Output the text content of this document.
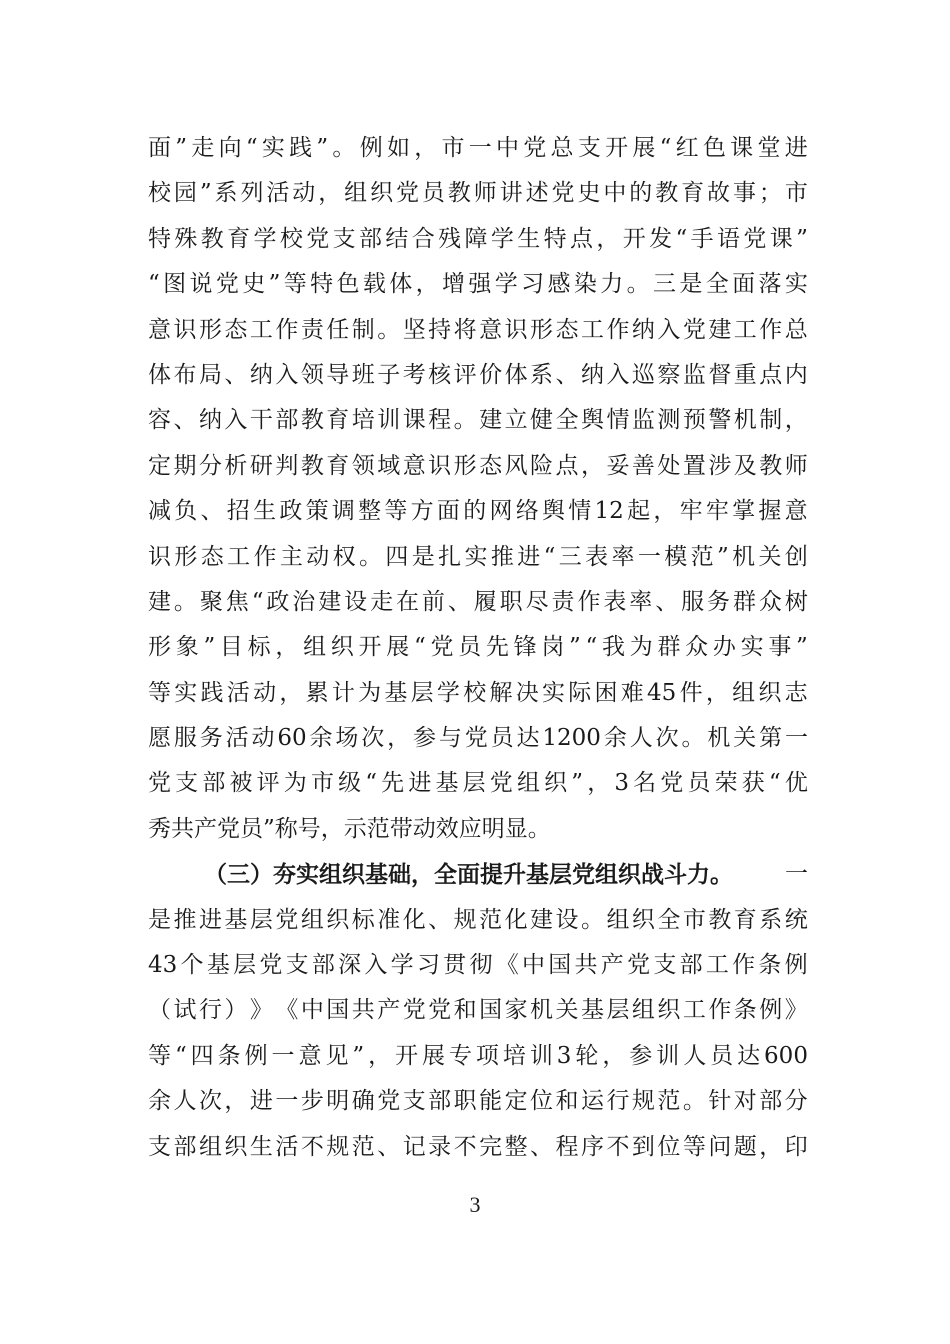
面 ” 走 向 “ 实 践 ” 。 例 如 ， 市 一 中 党 总 支 开 展 “ 红 色 课 堂 进
校 园 ” 系 列 活 动 ， 组 织 党 员 教 师 讲 述 党 史 中 的 教 育 故 事 ； 市
特 殊 教 育 学 校 党 支 部 结 合 残 障 学 生 特 点 ， 开 发 “ 手 语 党 课 ”
“ 图 说 党 史 ” 等 特 色 载 体 ， 增 强 学 习 感 染 力 。 三 是 全 面 落 实
意 识 形 态 工 作 责 任 制 。 坚 持 将 意 识 形 态 工 作 纳 入 党 建 工 作 总
体 布 局 、 纳 入 领 导 班 子 考 核 评 价 体 系 、 纳 入 巡 察 监 督 重 点 内
容 、 纳 入 干 部 教 育 培 训 课 程 。 建 立 健 全 舆 情 监 测 预 警 机 制 ，
定 期 分 析 研 判 教 育 领 域 意 识 形 态 风 险 点 ， 妥 善 处 置 涉 及 教 师
减 负 、 招 生 政 策 调 整 等 方 面 的 网 络 舆 情 12 起 ， 牢 牢 掌 握 意
识 形 态 工 作 主 动 权 。 四 是 扎 实 推 进 “ 三 表 率 一 模 范 ” 机 关 创
建 。 聚 焦 “ 政 治 建 设 走 在 前 、 履 职 尽 责 作 表 率 、 服 务 群 众 树
形 象 ” 目 标 ， 组 织 开 展 “ 党 员 先 锋 岗 ” “ 我 为 群 众 办 实 事 ”
等 实 践 活 动 ， 累 计 为 基 层 学 校 解 决 实 际 困 难 45 件 ， 组 织 志
愿 服 务 活 动 60 余 场 次 ， 参 与 党 员 达 1200 余 人 次 。 机 关 第 一
党 支 部 被 评 为 市 级 “ 先 进 基 层 党 组 织 ” ， 3 名 党 员 荣 获 “ 优
秀共产党员”称号，示范带动效应明显。
（三）夯实组织基础，全面提升基层党组织战斗力。 一
是 推 进 基 层 党 组 织 标 准 化 、 规 范 化 建 设 。 组 织 全 市 教 育 系 统
43 个 基 层 党 支 部 深 入 学 习 贯 彻 《 中 国 共 产 党 支 部 工 作 条 例
（ 试 行 ） 》 《 中 国 共 产 党 党 和 国 家 机 关 基 层 组 织 工 作 条 例 》
等 “ 四 条 例 一 意 见 ” ， 开 展 专 项 培 训 3 轮 ， 参 训 人 员 达 600
余 人 次 ， 进 一 步 明 确 党 支 部 职 能 定 位 和 运 行 规 范 。 针 对 部 分
支 部 组 织 生 活 不 规 范 、 记 录 不 完 整 、 程 序 不 到 位 等 问 题 ， 印
3
